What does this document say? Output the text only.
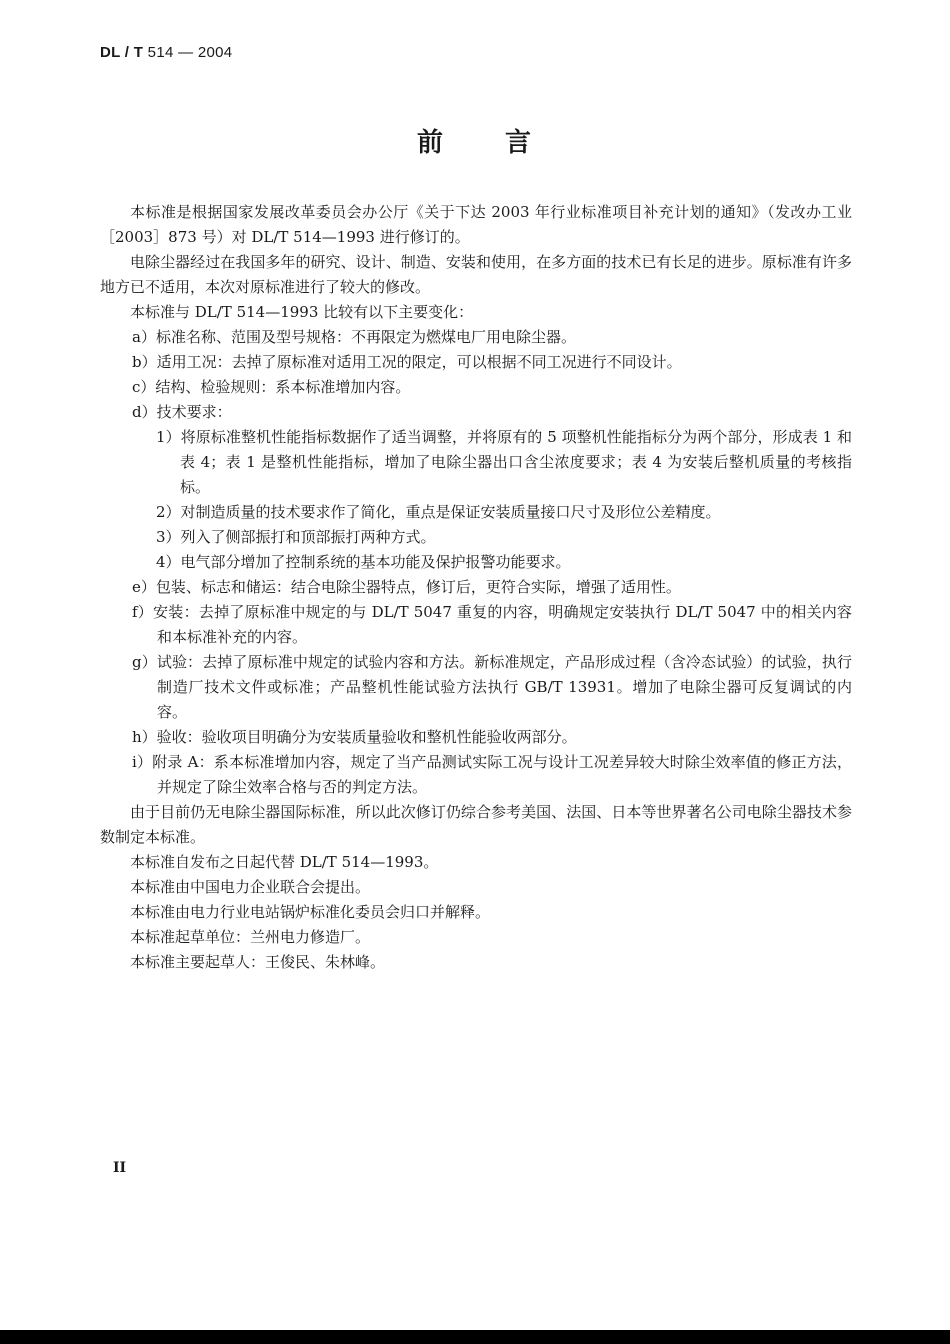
DL / T 514 — 2004
前 言

本标准是根据国家发展改革委员会办公厅《关于下达 2003 年行业标准项目补充计划的通知》（发改办工业［2003］873 号）对 DL/T 514—1993 进行修订的。

电除尘器经过在我国多年的研究、设计、制造、安装和使用，在多方面的技术已有长足的进步。原标准有许多地方已不适用，本次对原标准进行了较大的修改。

本标准与 DL/T 514—1993 比较有以下主要变化：

a）标准名称、范围及型号规格：不再限定为燃煤电厂用电除尘器。

b）适用工况：去掉了原标准对适用工况的限定，可以根据不同工况进行不同设计。

c）结构、检验规则：系本标准增加内容。

d）技术要求：

1）将原标准整机性能指标数据作了适当调整，并将原有的 5 项整机性能指标分为两个部分，形成表 1 和表 4；表 1 是整机性能指标，增加了电除尘器出口含尘浓度要求；表 4 为安装后整机质量的考核指标。

2）对制造质量的技术要求作了简化，重点是保证安装质量接口尺寸及形位公差精度。

3）列入了侧部振打和顶部振打两种方式。

4）电气部分增加了控制系统的基本功能及保护报警功能要求。

e）包装、标志和储运：结合电除尘器特点，修订后，更符合实际，增强了适用性。

f）安装：去掉了原标准中规定的与 DL/T 5047 重复的内容，明确规定安装执行 DL/T 5047 中的相关内容和本标准补充的内容。

g）试验：去掉了原标准中规定的试验内容和方法。新标准规定，产品形成过程（含冷态试验）的试验，执行制造厂技术文件或标准；产品整机性能试验方法执行 GB/T 13931。增加了电除尘器可反复调试的内容。

h）验收：验收项目明确分为安装质量验收和整机性能验收两部分。

i）附录 A：系本标准增加内容，规定了当产品测试实际工况与设计工况差异较大时除尘效率值的修正方法，并规定了除尘效率合格与否的判定方法。

由于目前仍无电除尘器国际标准，所以此次修订仍综合参考美国、法国、日本等世界著名公司电除尘器技术参数制定本标准。

本标准自发布之日起代替 DL/T 514—1993。

本标准由中国电力企业联合会提出。

本标准由电力行业电站锅炉标准化委员会归口并解释。

本标准起草单位：兰州电力修造厂。

本标准主要起草人：王俊民、朱林峰。

II
